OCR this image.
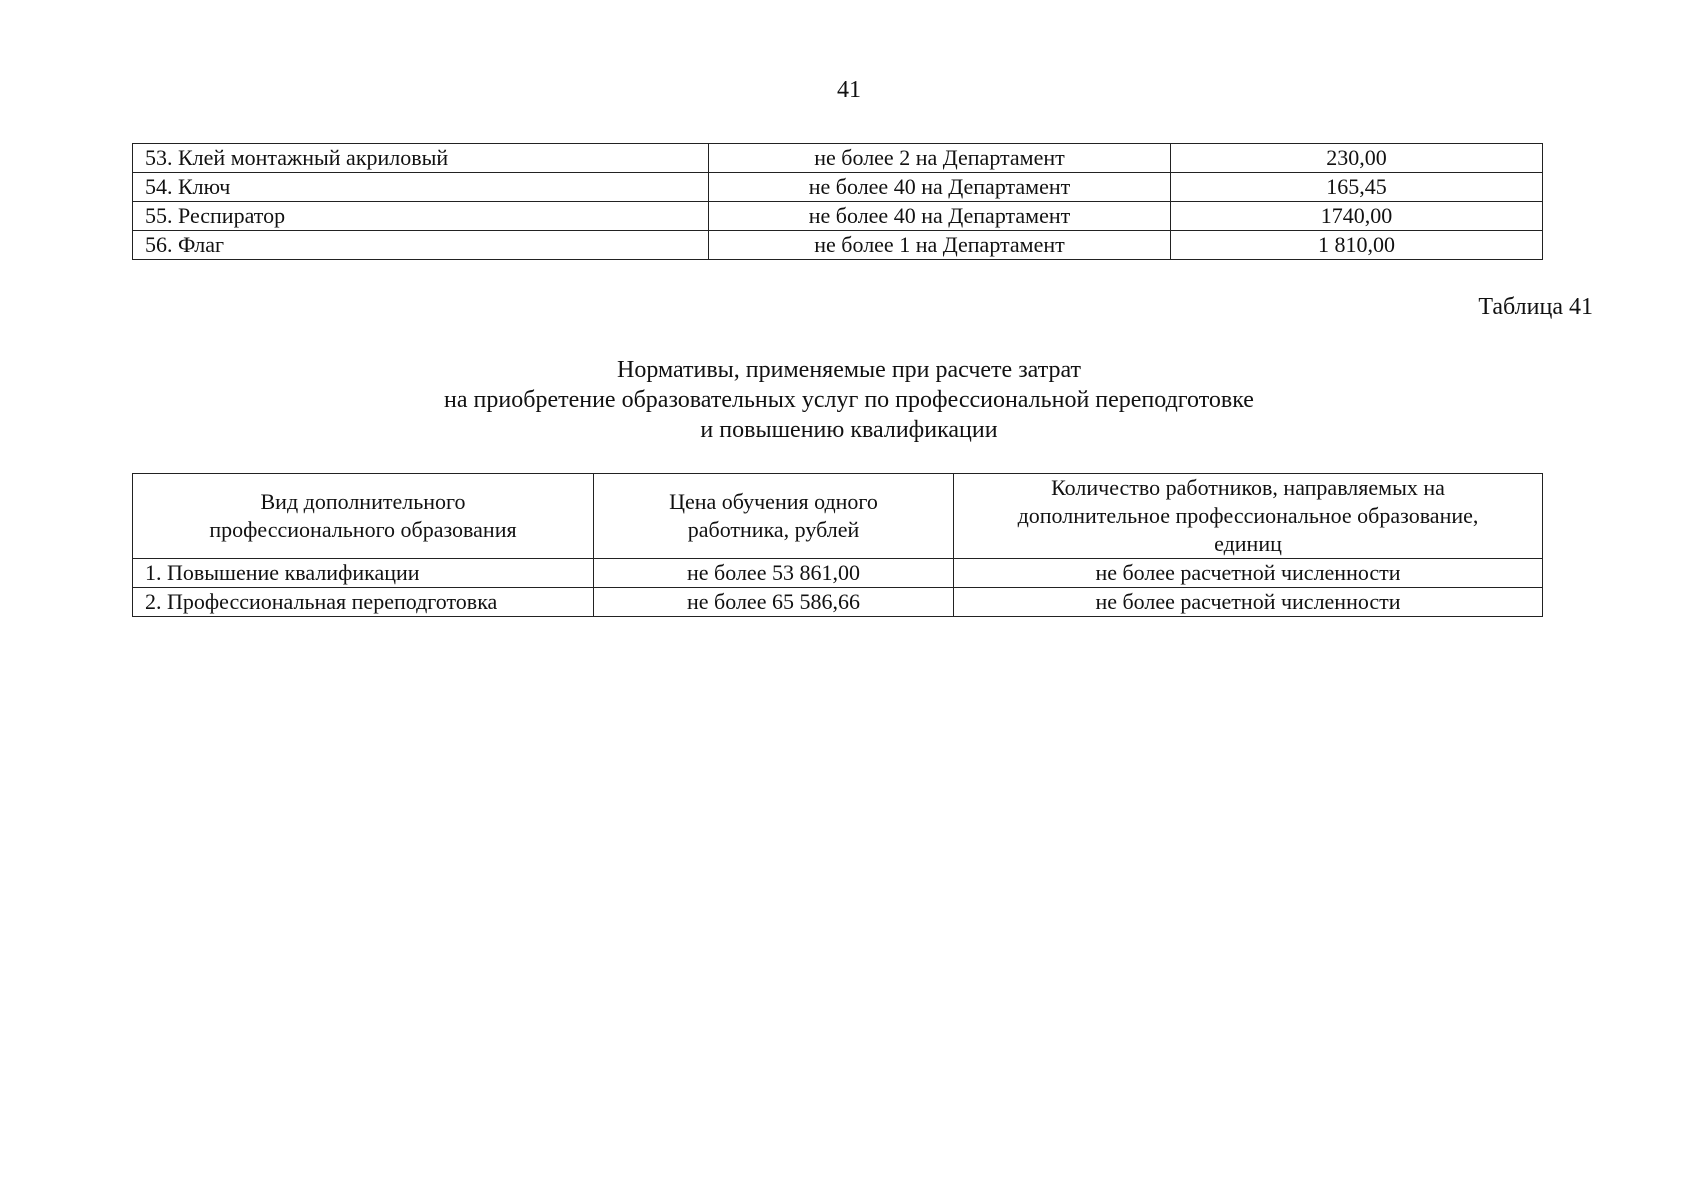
41
53. Клей монтажный акриловый	не более 2 на Департамент	230,00
54. Ключ	не более 40 на Департамент	165,45
55. Респиратор	не более 40 на Департамент	1740,00
56. Флаг	не более 1 на Департамент	1 810,00
Таблица 41
Нормативы, применяемые при расчете затрат
на приобретение образовательных услуг по профессиональной переподготовке
и повышению квалификации
Вид дополнительного профессионального образования	Цена обучения одного работника, рублей	Количество работников, направляемых на дополнительное профессиональное образование, единиц
1. Повышение квалификации	не более 53 861,00	не более расчетной численности
2. Профессиональная переподготовка	не более 65 586,66	не более расчетной численности
